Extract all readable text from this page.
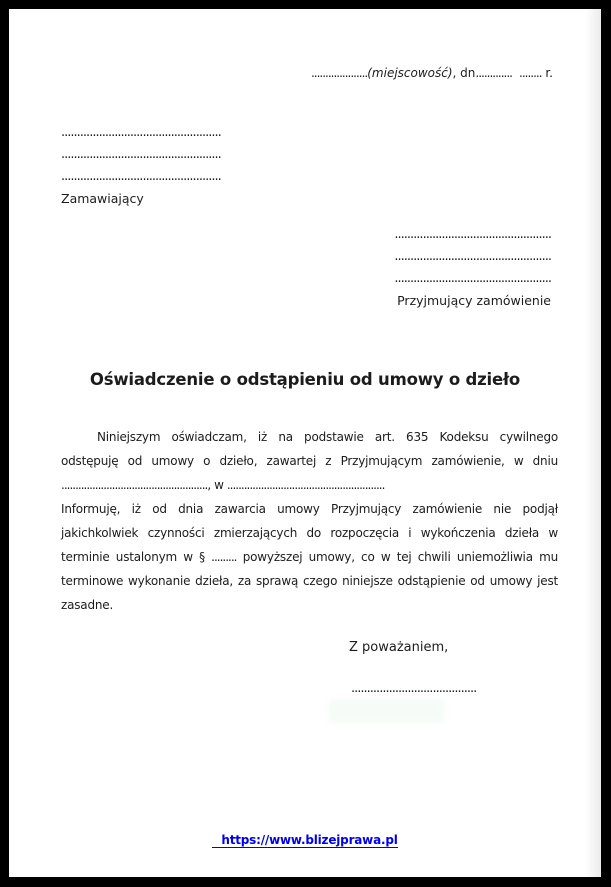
....................(miejscowość), dn............. ........ r.
...................................................
...................................................
...................................................
Zamawiający
..................................................
..................................................
..................................................
Przyjmujący zamówienie
Oświadczenie o odstąpieniu od umowy o dzieło
Niniejszym oświadczam, iż na podstawie art. 635 Kodeksu cywilnego
odstępuję od umowy o dzieło, zawartej z Przyjmującym zamówienie, w dniu
...................................................., w ........................................................
Informuję, iż od dnia zawarcia umowy Przyjmujący zamówienie nie podjął
jakichkolwiek czynności zmierzających do rozpoczęcia i wykończenia dzieła w
terminie ustalonym w § ......... powyższej umowy, co w tej chwili uniemożliwia mu
terminowe wykonanie dzieła, za sprawą czego niniejsze odstąpienie od umowy jest
zasadne.
Z poważaniem,
........................................
https://www.blizejprawa.pl
